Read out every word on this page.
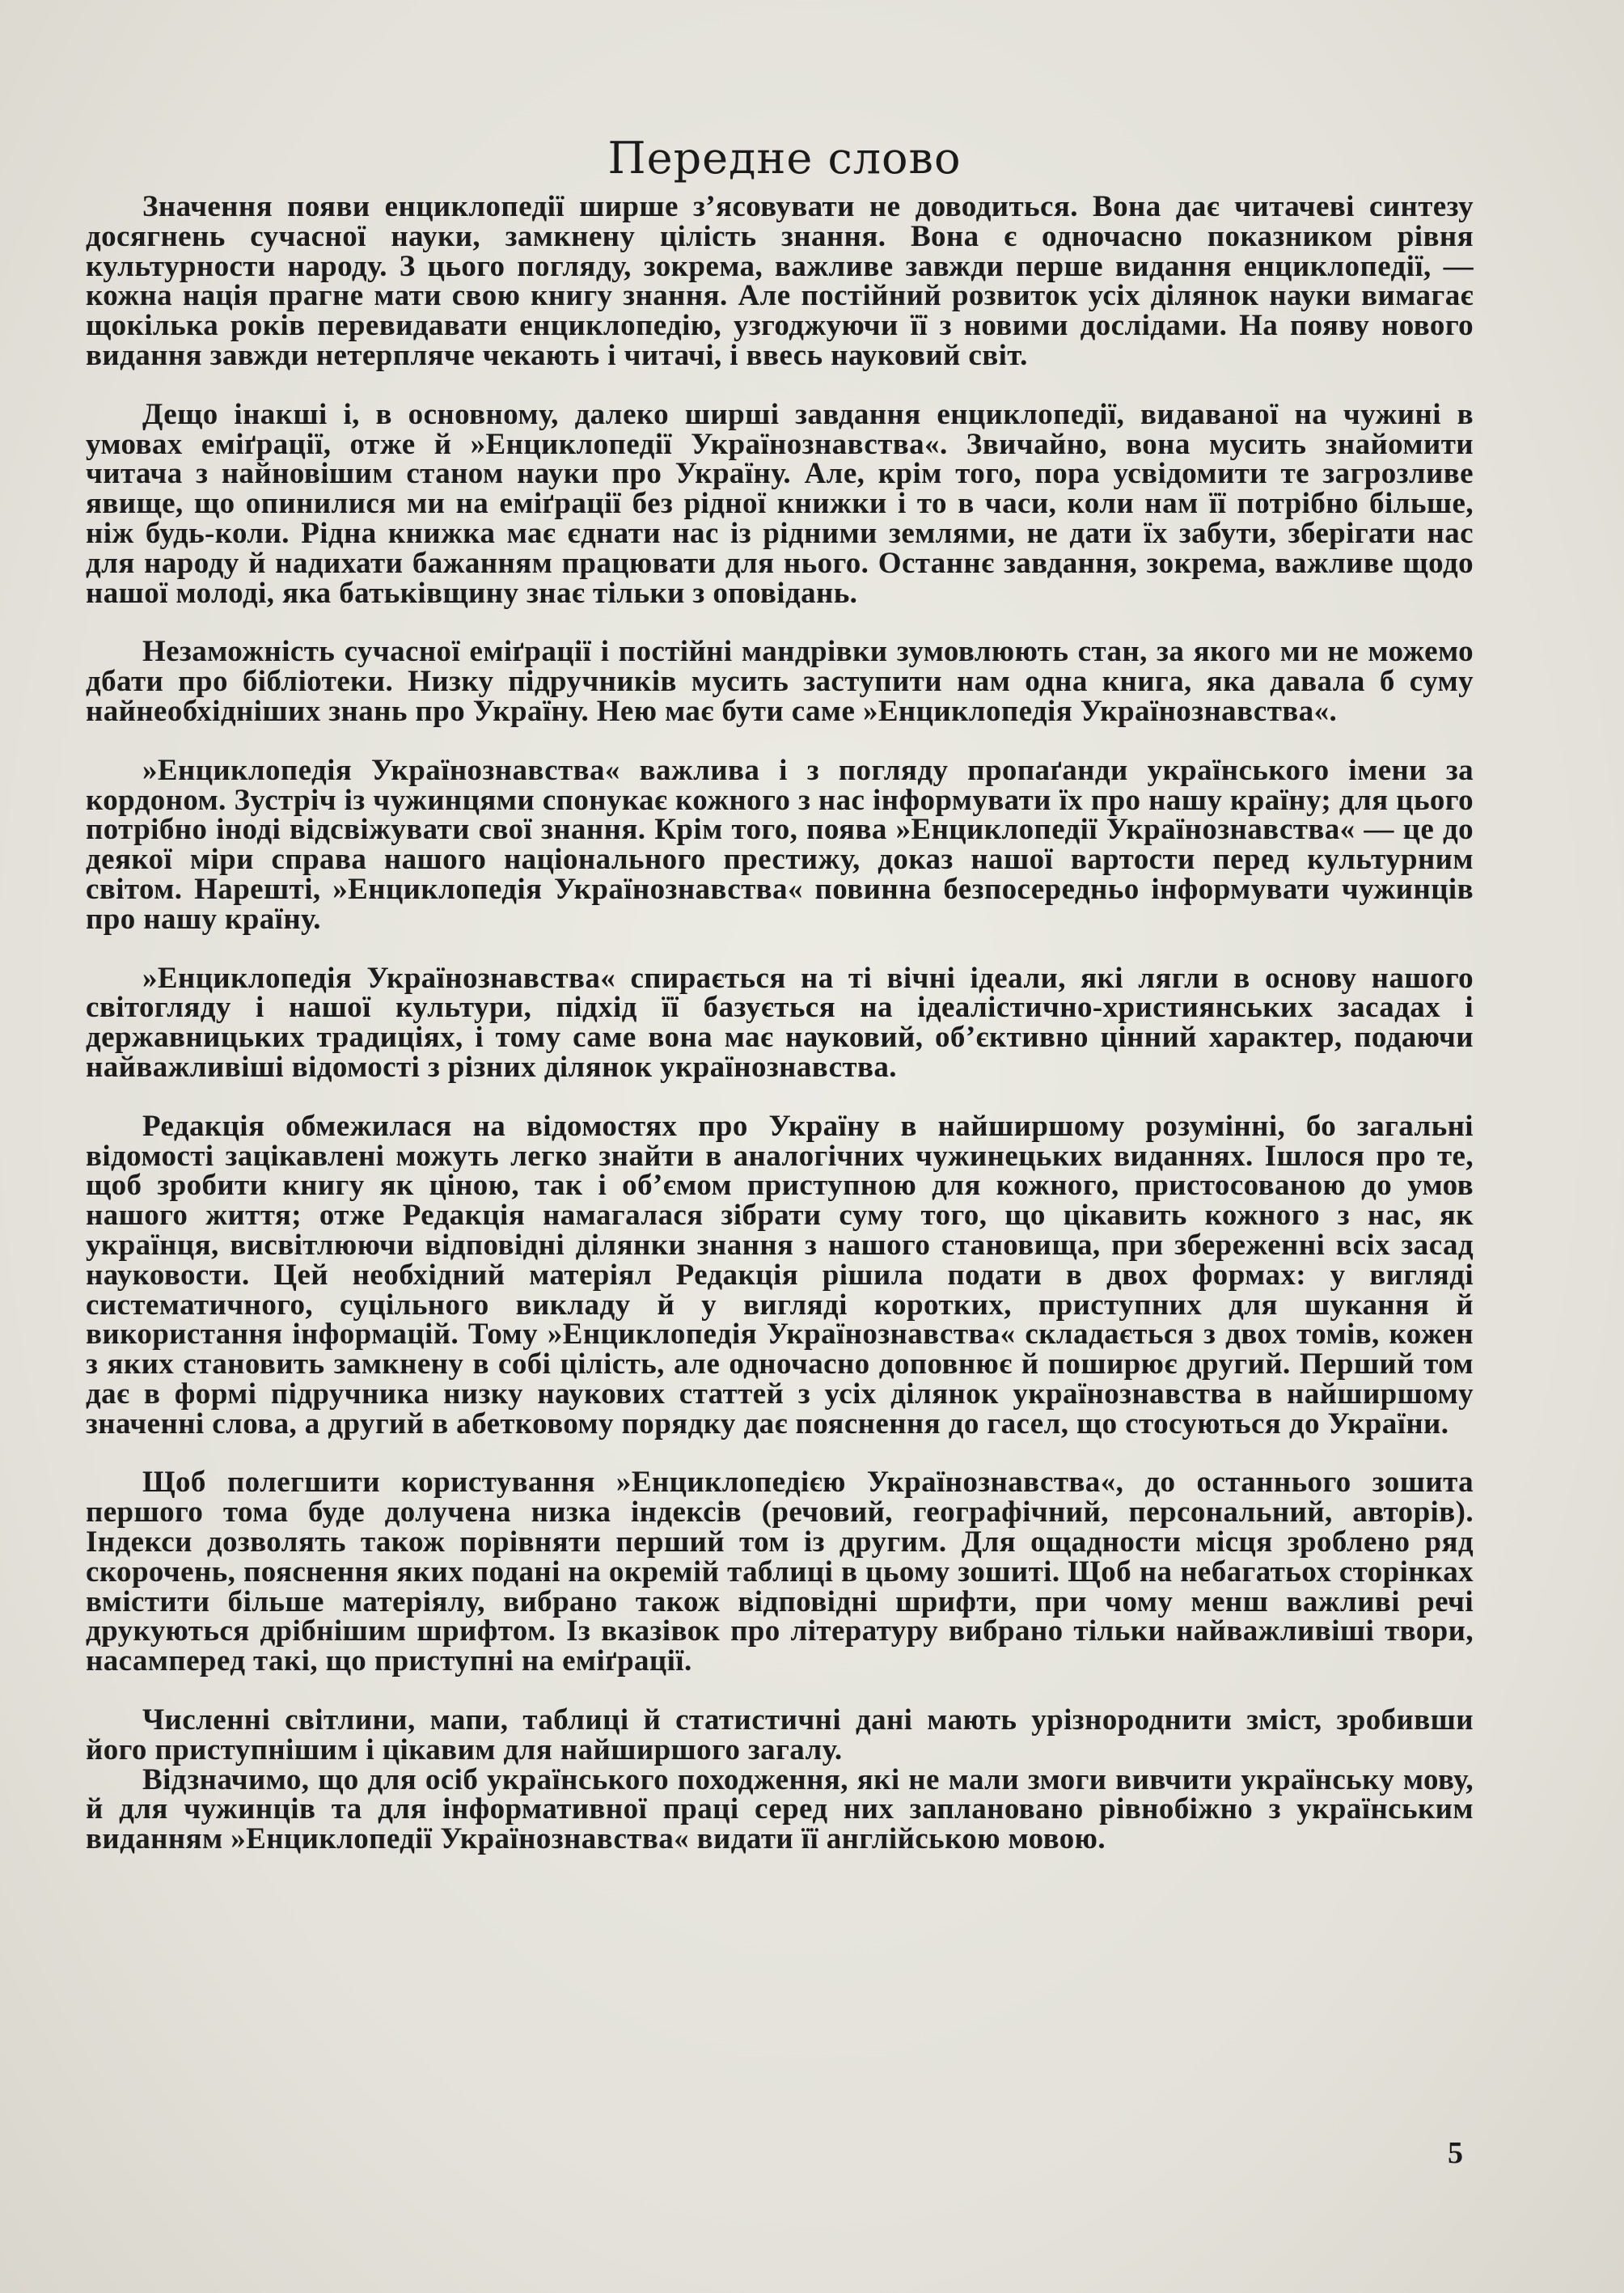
Передне слово

Значення появи енциклопедії ширше з’ясовувати не доводиться. Вона дає читачеві синтезу досягнень сучасної науки, замкнену цілість знання. Вона є одночасно показником рівня культурности народу. З цього погляду, зокрема, важливе завжди перше видання енциклопедії, — кожна нація прагне мати свою книгу знання. Але постійний розвиток усіх ділянок науки вимагає щокілька років перевидавати енциклопедію, узгоджуючи її з новими дослідами. На появу нового видання завжди нетерпляче чекають і читачі, і ввесь науковий світ.

Дещо інакші і, в основному, далеко ширші завдання енциклопедії, видаваної на чужині в умовах еміґрації, отже й »Енциклопедії Українознавства«. Звичайно, вона мусить знайомити читача з найновішим станом науки про Україну. Але, крім того, пора усвідомити те загрозливе явище, що опинилися ми на еміґрації без рідної книжки і то в часи, коли нам її потрібно більше, ніж будь-коли. Рідна книжка має єднати нас із рідними землями, не дати їх забути, зберігати нас для народу й надихати бажанням працювати для нього. Останнє завдання, зокрема, важливе щодо нашої молоді, яка батьківщину знає тільки з оповідань.

Незаможність сучасної еміґрації і постійні мандрівки зумовлюють стан, за якого ми не можемо дбати про бібліотеки. Низку підручників мусить заступити нам одна книга, яка давала б суму найнеобхідніших знань про Україну. Нею має бути саме »Енциклопедія Українознавства«.

»Енциклопедія Українознавства« важлива і з погляду пропаґанди українського імени за кордоном. Зустріч із чужинцями спонукає кожного з нас інформувати їх про нашу країну; для цього потрібно іноді відсвіжувати свої знання. Крім того, поява »Енциклопедії Українознавства« — це до деякої міри справа нашого національного престижу, доказ нашої вартости перед культурним світом. Нарешті, »Енциклопедія Українознавства« повинна безпосередньо інформувати чужинців про нашу країну.

»Енциклопедія Українознавства« спирається на ті вічні ідеали, які лягли в основу нашого світогляду і нашої культури, підхід її базується на ідеалістично-християнських засадах і державницьких традиціях, і тому саме вона має науковий, об’єктивно цінний характер, подаючи найважливіші відомості з різних ділянок українознавства.

Редакція обмежилася на відомостях про Україну в найширшому розумінні, бо загальні відомості зацікавлені можуть легко знайти в аналогічних чужинецьких виданнях. Ішлося про те, щоб зробити книгу як ціною, так і об’ємом приступною для кожного, пристосованою до умов нашого життя; отже Редакція намагалася зібрати суму того, що цікавить кожного з нас, як українця, висвітлюючи відповідні ділянки знання з нашого становища, при збереженні всіх засад науковости. Цей необхідний матеріял Редакція рішила подати в двох формах: у вигляді систематичного, суцільного викладу й у вигляді коротких, приступних для шукання й використання інформацій. Тому »Енциклопедія Українознавства« складається з двох томів, кожен з яких становить замкнену в собі цілість, але одночасно доповнює й поширює другий. Перший том дає в формі підручника низку наукових статтей з усіх ділянок українознавства в найширшому значенні слова, а другий в абетковому порядку дає пояснення до гасел, що стосуються до України.

Щоб полегшити користування »Енциклопедією Українознавства«, до останнього зошита першого тома буде долучена низка індексів (речовий, географічний, персональний, авторів). Індекси дозволять також порівняти перший том із другим. Для ощадности місця зроблено ряд скорочень, пояснення яких подані на окремій таблиці в цьому зошиті. Щоб на небагатьох сторінках вмістити більше матеріялу, вибрано також відповідні шрифти, при чому менш важливі речі друкуються дрібнішим шрифтом. Із вказівок про літературу вибрано тільки найважливіші твори, насамперед такі, що приступні на еміґрації.

Численні світлини, мапи, таблиці й статистичні дані мають урізнороднити зміст, зробивши його приступнішим і цікавим для найширшого загалу.

Відзначимо, що для осіб українського походження, які не мали змоги вивчити українську мову, й для чужинців та для інформативної праці серед них заплановано рівнобіжно з українським виданням »Енциклопедії Українознавства« видати її англійською мовою.

5
